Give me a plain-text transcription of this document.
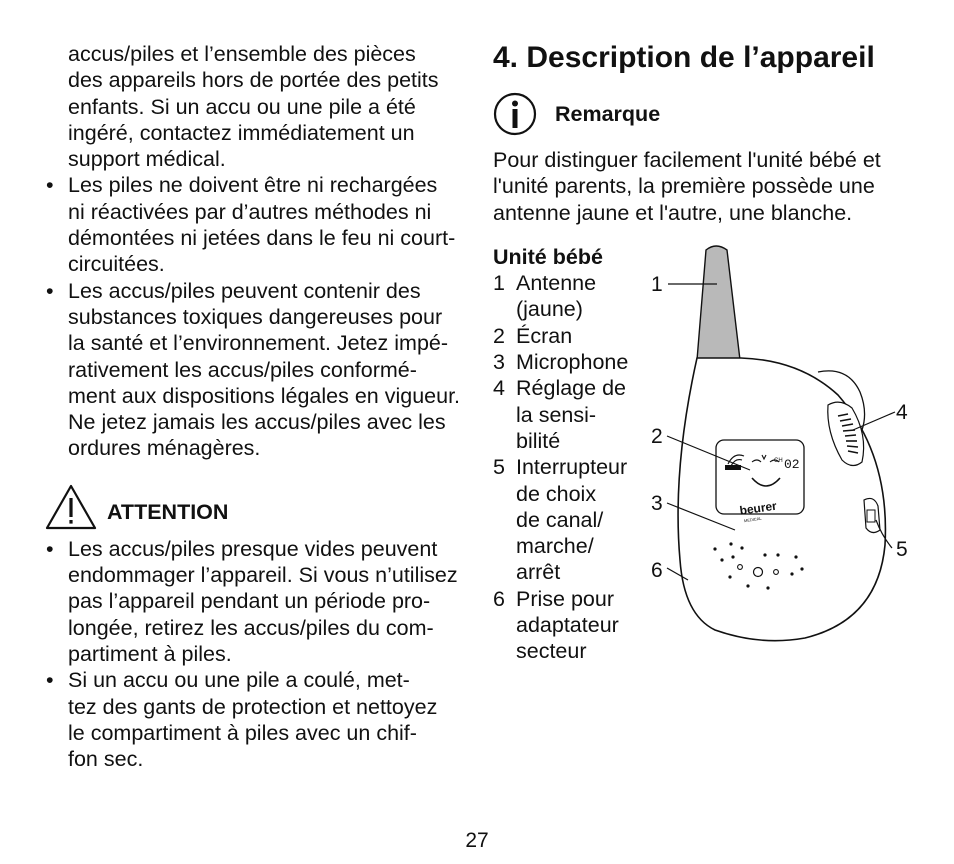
accus/piles et l’ensemble des pièces
des appareils hors de portée des petits
enfants. Si un accu ou une pile a été
ingéré, contactez immédiatement un
support médical.
• Les piles ne doivent être ni rechargées
ni réactivées par d’autres méthodes ni
démontées ni jetées dans le feu ni court-
circuitées.
• Les accus/piles peuvent contenir des
substances toxiques dangereuses pour
la santé et l’environnement. Jetez impé-
rativement les accus/piles conformé-
ment aux dispositions légales en vigueur.
Ne jetez jamais les accus/piles avec les
ordures ménagères.
ATTENTION
• Les accus/piles presque vides peuvent
endommager l’appareil. Si vous n’utilisez
pas l’appareil pendant un période pro-
longée, retirez les accus/piles du com-
partiment à piles.
• Si un accu ou une pile a coulé, met-
tez des gants de protection et nettoyez
le compartiment à piles avec un chif-
fon sec.
4. Description de l’appareil
Remarque
Pour distinguer facilement l'unité bébé et
l'unité parents, la première possède une
antenne jaune et l'autre, une blanche.
Unité bébé
1 Antenne
(jaune)
2 Écran
3 Microphone
4 Réglage de
la sensi-
bilité
5 Interrupteur
de choix
de canal/
marche/
arrêt
6 Prise pour
adaptateur
secteur
CH 02
beurer
MEDICAL
1
2
3
6
4
5
27
